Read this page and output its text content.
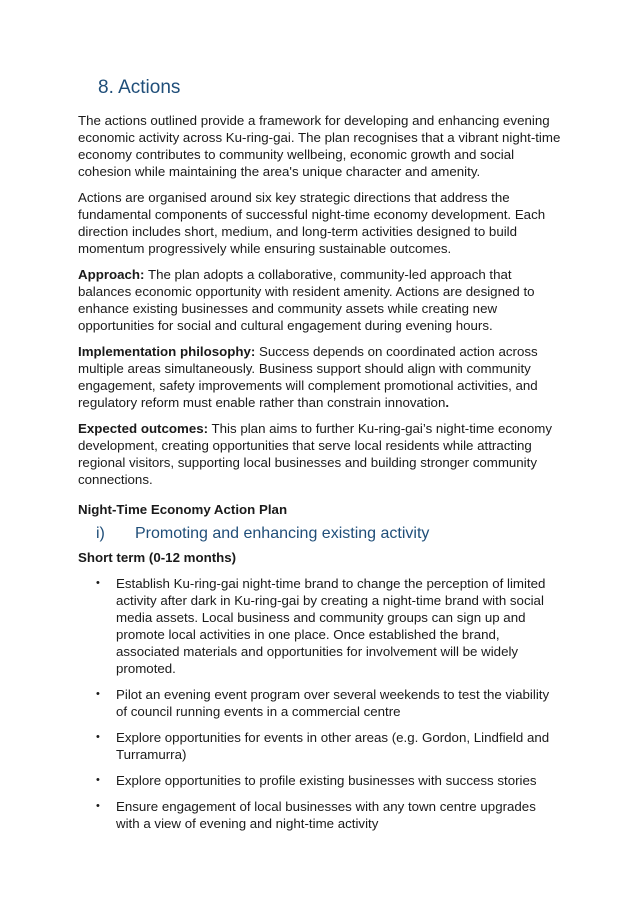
8. Actions

The actions outlined provide a framework for developing and enhancing evening economic activity across Ku-ring-gai. The plan recognises that a vibrant night-time economy contributes to community wellbeing, economic growth and social cohesion while maintaining the area's unique character and amenity.

Actions are organised around six key strategic directions that address the fundamental components of successful night-time economy development. Each direction includes short, medium, and long-term activities designed to build momentum progressively while ensuring sustainable outcomes.

Approach: The plan adopts a collaborative, community-led approach that balances economic opportunity with resident amenity. Actions are designed to enhance existing businesses and community assets while creating new opportunities for social and cultural engagement during evening hours.

Implementation philosophy: Success depends on coordinated action across multiple areas simultaneously. Business support should align with community engagement, safety improvements will complement promotional activities, and regulatory reform must enable rather than constrain innovation.

Expected outcomes: This plan aims to further Ku-ring-gai’s night-time economy development, creating opportunities that serve local residents while attracting regional visitors, supporting local businesses and building stronger community connections.

Night-Time Economy Action Plan
i)	Promoting and enhancing existing activity
Short term (0-12 months)
• Establish Ku-ring-gai night-time brand to change the perception of limited activity after dark in Ku-ring-gai by creating a night-time brand with social media assets. Local business and community groups can sign up and promote local activities in one place. Once established the brand, associated materials and opportunities for involvement will be widely promoted.
• Pilot an evening event program over several weekends to test the viability of council running events in a commercial centre
• Explore opportunities for events in other areas (e.g. Gordon, Lindfield and Turramurra)
• Explore opportunities to profile existing businesses with success stories
• Ensure engagement of local businesses with any town centre upgrades with a view of evening and night-time activity
